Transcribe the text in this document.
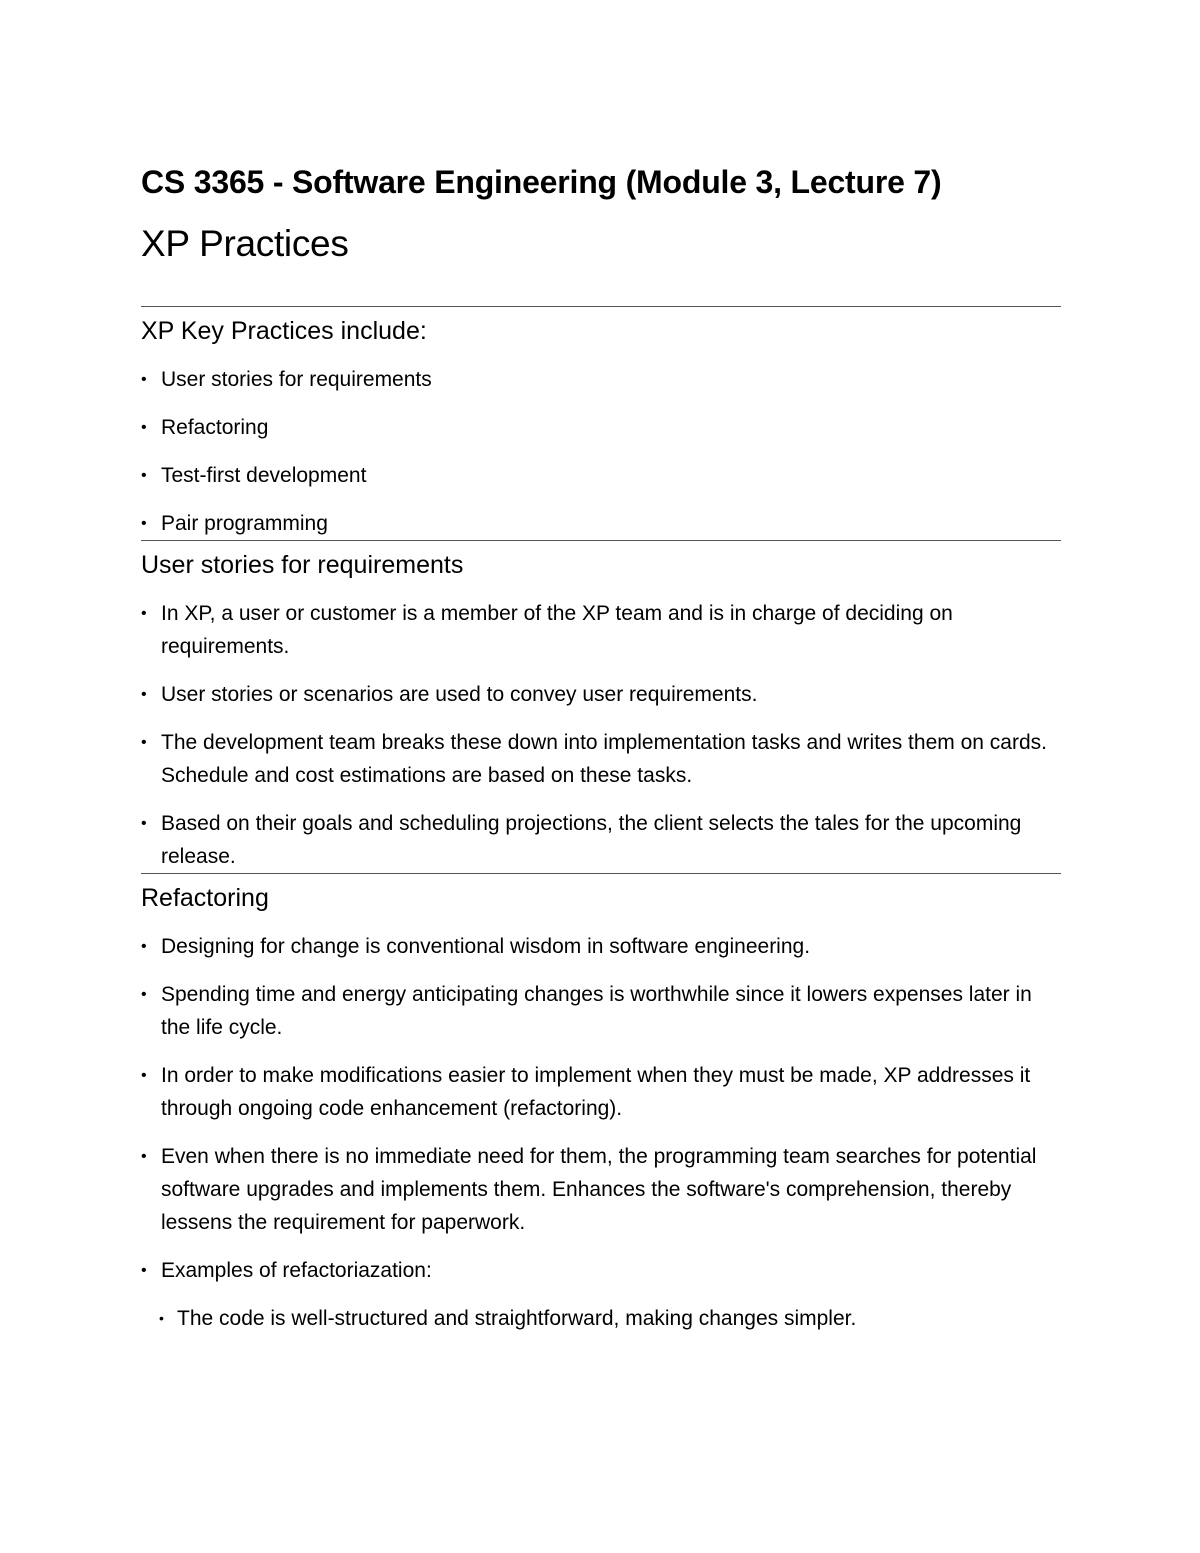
CS 3365 - Software Engineering (Module 3, Lecture 7)
XP Practices
XP Key Practices include:
• User stories for requirements
• Refactoring
• Test-first development
• Pair programming
User stories for requirements
• In XP, a user or customer is a member of the XP team and is in charge of deciding on requirements.
• User stories or scenarios are used to convey user requirements.
• The development team breaks these down into implementation tasks and writes them on cards. Schedule and cost estimations are based on these tasks.
• Based on their goals and scheduling projections, the client selects the tales for the upcoming release.
Refactoring
• Designing for change is conventional wisdom in software engineering.
• Spending time and energy anticipating changes is worthwhile since it lowers expenses later in the life cycle.
• In order to make modifications easier to implement when they must be made, XP addresses it through ongoing code enhancement (refactoring).
• Even when there is no immediate need for them, the programming team searches for potential software upgrades and implements them. Enhances the software's comprehension, thereby lessens the requirement for paperwork.
• Examples of refactoriazation:
• The code is well-structured and straightforward, making changes simpler.
